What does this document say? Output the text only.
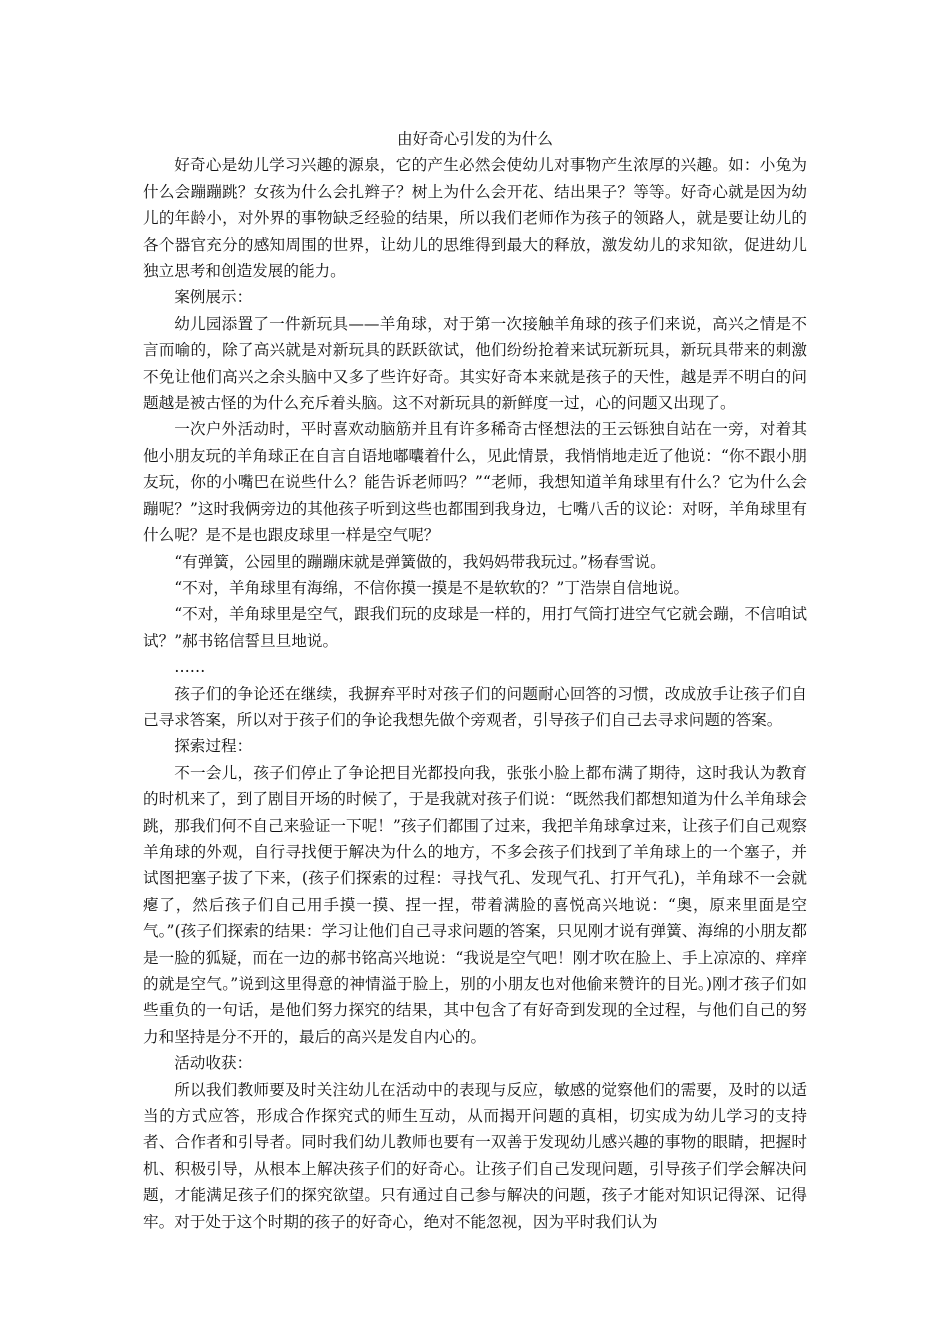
由好奇心引发的为什么

好奇心是幼儿学习兴趣的源泉，它的产生必然会使幼儿对事物产生浓厚的兴趣。如：小兔为什么会蹦蹦跳？女孩为什么会扎辫子？树上为什么会开花、结出果子？等等。好奇心就是因为幼儿的年龄小，对外界的事物缺乏经验的结果，所以我们老师作为孩子的领路人，就是要让幼儿的各个器官充分的感知周围的世界，让幼儿的思维得到最大的释放，激发幼儿的求知欲，促进幼儿独立思考和创造发展的能力。

案例展示：

幼儿园添置了一件新玩具——羊角球，对于第一次接触羊角球的孩子们来说，高兴之情是不言而喻的，除了高兴就是对新玩具的跃跃欲试，他们纷纷抢着来试玩新玩具，新玩具带来的刺激不免让他们高兴之余头脑中又多了些许好奇。其实好奇本来就是孩子的天性，越是弄不明白的问题越是被古怪的为什么充斥着头脑。这不对新玩具的新鲜度一过，心的问题又出现了。

一次户外活动时，平时喜欢动脑筋并且有许多稀奇古怪想法的王云铄独自站在一旁，对着其他小朋友玩的羊角球正在自言自语地嘟囔着什么，见此情景，我悄悄地走近了他说：“你不跟小朋友玩，你的小嘴巴在说些什么？能告诉老师吗？”“老师，我想知道羊角球里有什么？它为什么会蹦呢？”这时我俩旁边的其他孩子听到这些也都围到我身边，七嘴八舌的议论：对呀，羊角球里有什么呢？是不是也跟皮球里一样是空气呢？

“有弹簧，公园里的蹦蹦床就是弹簧做的，我妈妈带我玩过。”杨春雪说。

“不对，羊角球里有海绵，不信你摸一摸是不是软软的？”丁浩崇自信地说。

“不对，羊角球里是空气，跟我们玩的皮球是一样的，用打气筒打进空气它就会蹦，不信咱试试？”郝书铭信誓旦旦地说。

……

孩子们的争论还在继续，我摒弃平时对孩子们的问题耐心回答的习惯，改成放手让孩子们自己寻求答案，所以对于孩子们的争论我想先做个旁观者，引导孩子们自己去寻求问题的答案。

探索过程：

不一会儿，孩子们停止了争论把目光都投向我，张张小脸上都布满了期待，这时我认为教育的时机来了，到了剧目开场的时候了，于是我就对孩子们说：“既然我们都想知道为什么羊角球会跳，那我们何不自己来验证一下呢！”孩子们都围了过来，我把羊角球拿过来，让孩子们自己观察羊角球的外观，自行寻找便于解决为什么的地方，不多会孩子们找到了羊角球上的一个塞子，并试图把塞子拔了下来，(孩子们探索的过程：寻找气孔、发现气孔、打开气孔)，羊角球不一会就瘪了，然后孩子们自己用手摸一摸、捏一捏，带着满脸的喜悦高兴地说：“奥，原来里面是空气。”(孩子们探索的结果：学习让他们自己寻求问题的答案，只见刚才说有弹簧、海绵的小朋友都是一脸的狐疑，而在一边的郝书铭高兴地说：“我说是空气吧！刚才吹在脸上、手上凉凉的、痒痒的就是空气。”说到这里得意的神情溢于脸上，别的小朋友也对他偷来赞许的目光。)刚才孩子们如些重负的一句话，是他们努力探究的结果，其中包含了有好奇到发现的全过程，与他们自己的努力和坚持是分不开的，最后的高兴是发自内心的。

活动收获：

所以我们教师要及时关注幼儿在活动中的表现与反应，敏感的觉察他们的需要，及时的以适当的方式应答，形成合作探究式的师生互动，从而揭开问题的真相，切实成为幼儿学习的支持者、合作者和引导者。同时我们幼儿教师也要有一双善于发现幼儿感兴趣的事物的眼睛，把握时机、积极引导，从根本上解决孩子们的好奇心。让孩子们自己发现问题，引导孩子们学会解决问题，才能满足孩子们的探究欲望。只有通过自己参与解决的问题，孩子才能对知识记得深、记得牢。对于处于这个时期的孩子的好奇心，绝对不能忽视，因为平时我们认为
